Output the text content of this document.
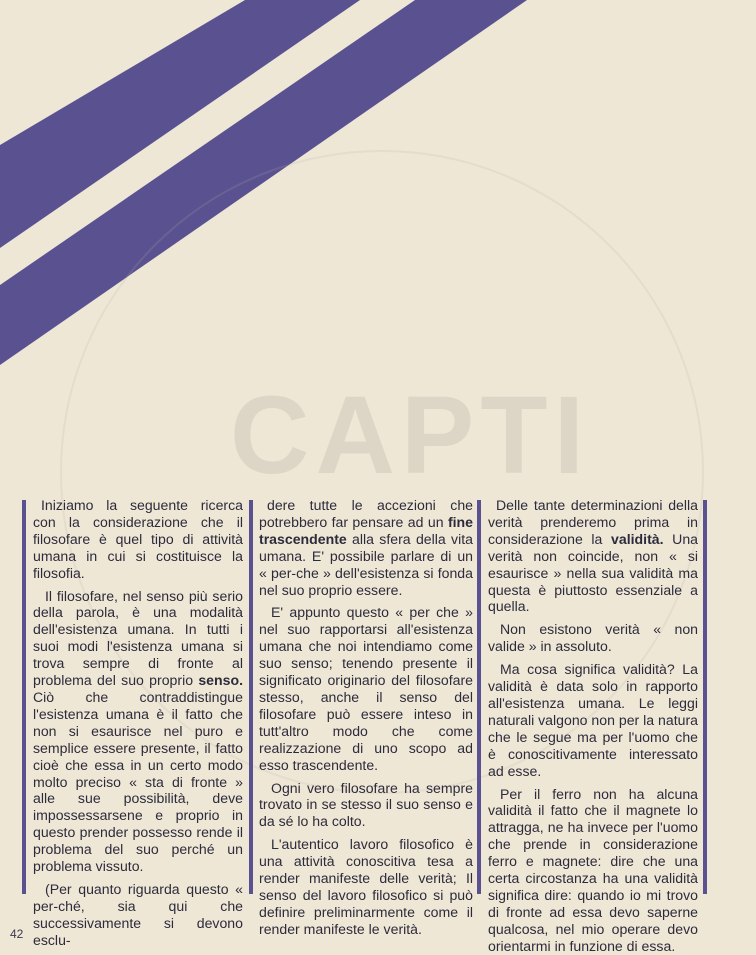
CAPTI

Iniziamo la seguente ricerca con la considerazione che il filosofare è quel tipo di attività umana in cui si costituisce la filosofia.

Il filosofare, nel senso più serio della parola, è una modalità dell'esistenza umana. In tutti i suoi modi l'esistenza umana si trova sempre di fronte al problema del suo proprio senso. Ciò che contraddistingue l'esistenza umana è il fatto che non si esaurisce nel puro e semplice essere presente, il fatto cioè che essa in un certo modo molto preciso « sta di fronte » alle sue possibilità, deve impossessarsene e proprio in questo prender possesso rende il problema del suo perché un problema vissuto.

(Per quanto riguarda questo « per-ché, sia qui che successivamente si devono esclu-

dere tutte le accezioni che potrebbero far pensare ad un fine trascendente alla sfera della vita umana. E' possibile parlare di un « per-che » dell'esistenza si fonda nel suo proprio essere.

E' appunto questo « per che » nel suo rapportarsi all'esistenza umana che noi intendiamo come suo senso; tenendo presente il significato originario del filosofare stesso, anche il senso del filosofare può essere inteso in tutt'altro modo che come realizzazione di uno scopo ad esso trascendente.

Ogni vero filosofare ha sempre trovato in se stesso il suo senso e da sé lo ha colto.

L'autentico lavoro filosofico è una attività conoscitiva tesa a render manifeste delle verità; Il senso del lavoro filosofico si può definire preliminarmente come il render manifeste le verità.

Delle tante determinazioni della verità prenderemo prima in considerazione la validità. Una verità non coincide, non « si esaurisce » nella sua validità ma questa è piuttosto essenziale a quella.

Non esistono verità « non valide » in assoluto.

Ma cosa significa validità? La validità è data solo in rapporto all'esistenza umana. Le leggi naturali valgono non per la natura che le segue ma per l'uomo che è conoscitivamente interessato ad esse.

Per il ferro non ha alcuna validità il fatto che il magnete lo attragga, ne ha invece per l'uomo che prende in considerazione ferro e magnete: dire che una certa circostanza ha una validità significa dire: quando io mi trovo di fronte ad essa devo saperne qualcosa, nel mio operare devo orientarmi in funzione di essa.

42
